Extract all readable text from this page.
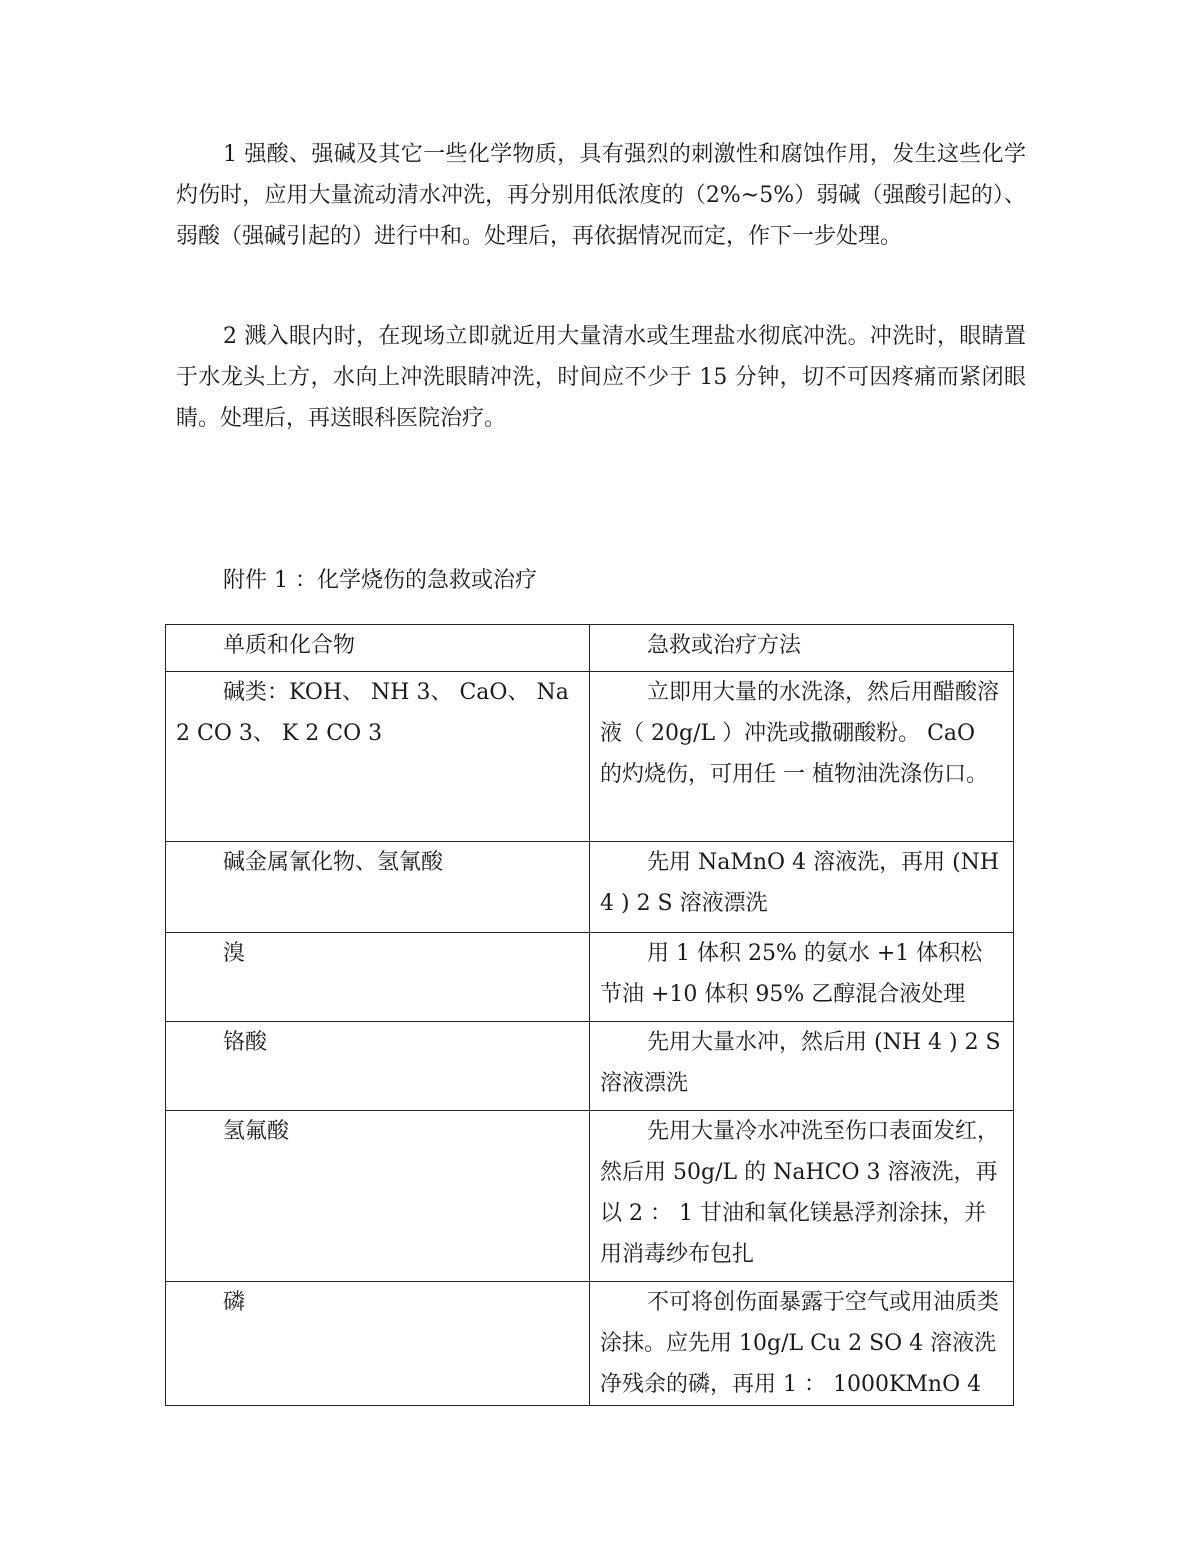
1 强酸、强碱及其它一些化学物质，具有强烈的刺激性和腐蚀作用，发生这些化学灼伤时，应用大量流动清水冲洗，再分别用低浓度的（2%~5%）弱碱（强酸引起的）、弱酸（强碱引起的）进行中和。处理后，再依据情况而定，作下一步处理。

2 溅入眼内时，在现场立即就近用大量清水或生理盐水彻底冲洗。冲洗时，眼睛置于水龙头上方，水向上冲洗眼睛冲洗，时间应不少于 15 分钟，切不可因疼痛而紧闭眼睛。处理后，再送眼科医院治疗。

附件 1 ：化学烧伤的急救或治疗

单质和化合物	急救或治疗方法
碱类：KOH、 NH 3、 CaO、 Na 2 CO 3、 K 2 CO 3	立即用大量的水洗涤，然后用醋酸溶液（ 20g/L ）冲洗或撒硼酸粉。 CaO 的灼烧伤，可用任 一 植物油洗涤伤口。
碱金属氰化物、氢氰酸	先用 NaMnO 4 溶液洗，再用 (NH 4 ) 2 S 溶液漂洗
溴	用 1 体积 25% 的氨水 +1 体积松节油 +10 体积 95% 乙醇混合液处理
铬酸	先用大量水冲，然后用 (NH 4 ) 2 S 溶液漂洗
氢氟酸	先用大量冷水冲洗至伤口表面发红，然后用 50g/L 的 NaHCO 3 溶液洗，再以 2 ： 1 甘油和氧化镁悬浮剂涂抹，并用消毒纱布包扎
磷	不可将创伤面暴露于空气或用油质类涂抹。应先用 10g/L Cu 2 SO 4 溶液洗净残余的磷，再用 1 ： 1000KMnO 4
